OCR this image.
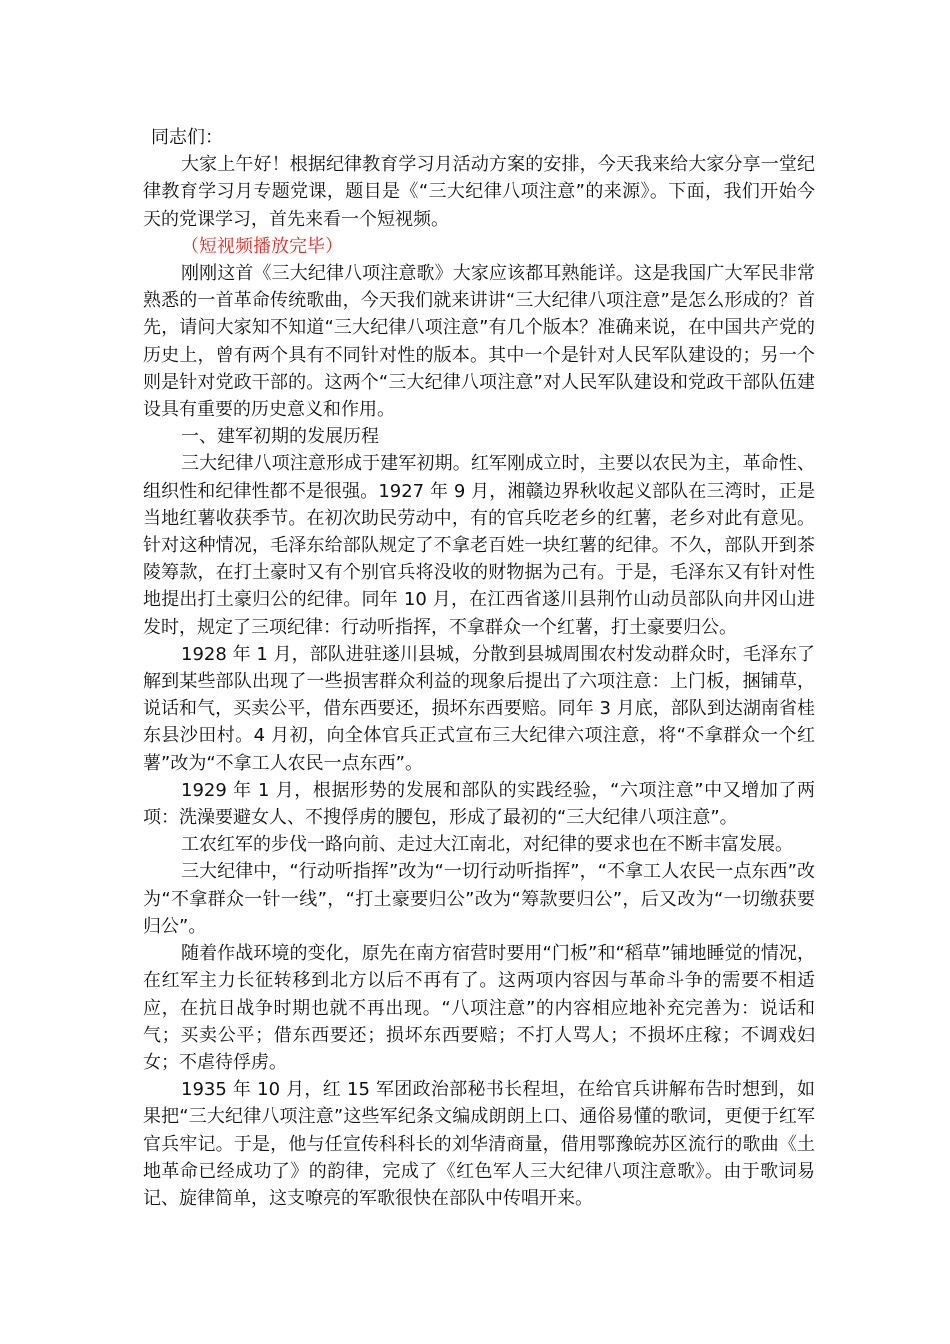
同志们：

大家上午好！根据纪律教育学习月活动方案的安排，今天我来给大家分享一堂纪律教育学习月专题党课，题目是《“三大纪律八项注意”的来源》。下面，我们开始今天的党课学习，首先来看一个短视频。

（短视频播放完毕）

刚刚这首《三大纪律八项注意歌》大家应该都耳熟能详。这是我国广大军民非常熟悉的一首革命传统歌曲，今天我们就来讲讲“三大纪律八项注意”是怎么形成的？首先，请问大家知不知道“三大纪律八项注意”有几个版本？准确来说，在中国共产党的历史上，曾有两个具有不同针对性的版本。其中一个是针对人民军队建设的；另一个则是针对党政干部的。这两个“三大纪律八项注意”对人民军队建设和党政干部队伍建设具有重要的历史意义和作用。

一、建军初期的发展历程

三大纪律八项注意形成于建军初期。红军刚成立时，主要以农民为主，革命性、组织性和纪律性都不是很强。1927 年 9 月，湘赣边界秋收起义部队在三湾时，正是当地红薯收获季节。在初次助民劳动中，有的官兵吃老乡的红薯，老乡对此有意见。针对这种情况，毛泽东给部队规定了不拿老百姓一块红薯的纪律。不久，部队开到茶陵筹款，在打土豪时又有个别官兵将没收的财物据为己有。于是，毛泽东又有针对性地提出打土豪归公的纪律。同年 10 月，在江西省遂川县荆竹山动员部队向井冈山进发时，规定了三项纪律：行动听指挥，不拿群众一个红薯，打土豪要归公。

1928 年 1 月，部队进驻遂川县城，分散到县城周围农村发动群众时，毛泽东了解到某些部队出现了一些损害群众利益的现象后提出了六项注意：上门板，捆铺草，说话和气，买卖公平，借东西要还，损坏东西要赔。同年 3 月底，部队到达湖南省桂东县沙田村。4 月初，向全体官兵正式宣布三大纪律六项注意，将“不拿群众一个红薯”改为“不拿工人农民一点东西”。

1929 年 1 月，根据形势的发展和部队的实践经验，“六项注意”中又增加了两项：洗澡要避女人、不搜俘虏的腰包，形成了最初的“三大纪律八项注意”。

工农红军的步伐一路向前、走过大江南北，对纪律的要求也在不断丰富发展。

三大纪律中，“行动听指挥”改为“一切行动听指挥”，“不拿工人农民一点东西”改为“不拿群众一针一线”，“打土豪要归公”改为“筹款要归公”，后又改为“一切缴获要归公”。

随着作战环境的变化，原先在南方宿营时要用“门板”和“稻草”铺地睡觉的情况，在红军主力长征转移到北方以后不再有了。这两项内容因与革命斗争的需要不相适应，在抗日战争时期也就不再出现。“八项注意”的内容相应地补充完善为：说话和气；买卖公平；借东西要还；损坏东西要赔；不打人骂人；不损坏庄稼；不调戏妇女；不虐待俘虏。

1935 年 10 月，红 15 军团政治部秘书长程坦，在给官兵讲解布告时想到，如果把“三大纪律八项注意”这些军纪条文编成朗朗上口、通俗易懂的歌词，更便于红军官兵牢记。于是，他与任宣传科科长的刘华清商量，借用鄂豫皖苏区流行的歌曲《土地革命已经成功了》的韵律，完成了《红色军人三大纪律八项注意歌》。由于歌词易记、旋律简单，这支嘹亮的军歌很快在部队中传唱开来。
